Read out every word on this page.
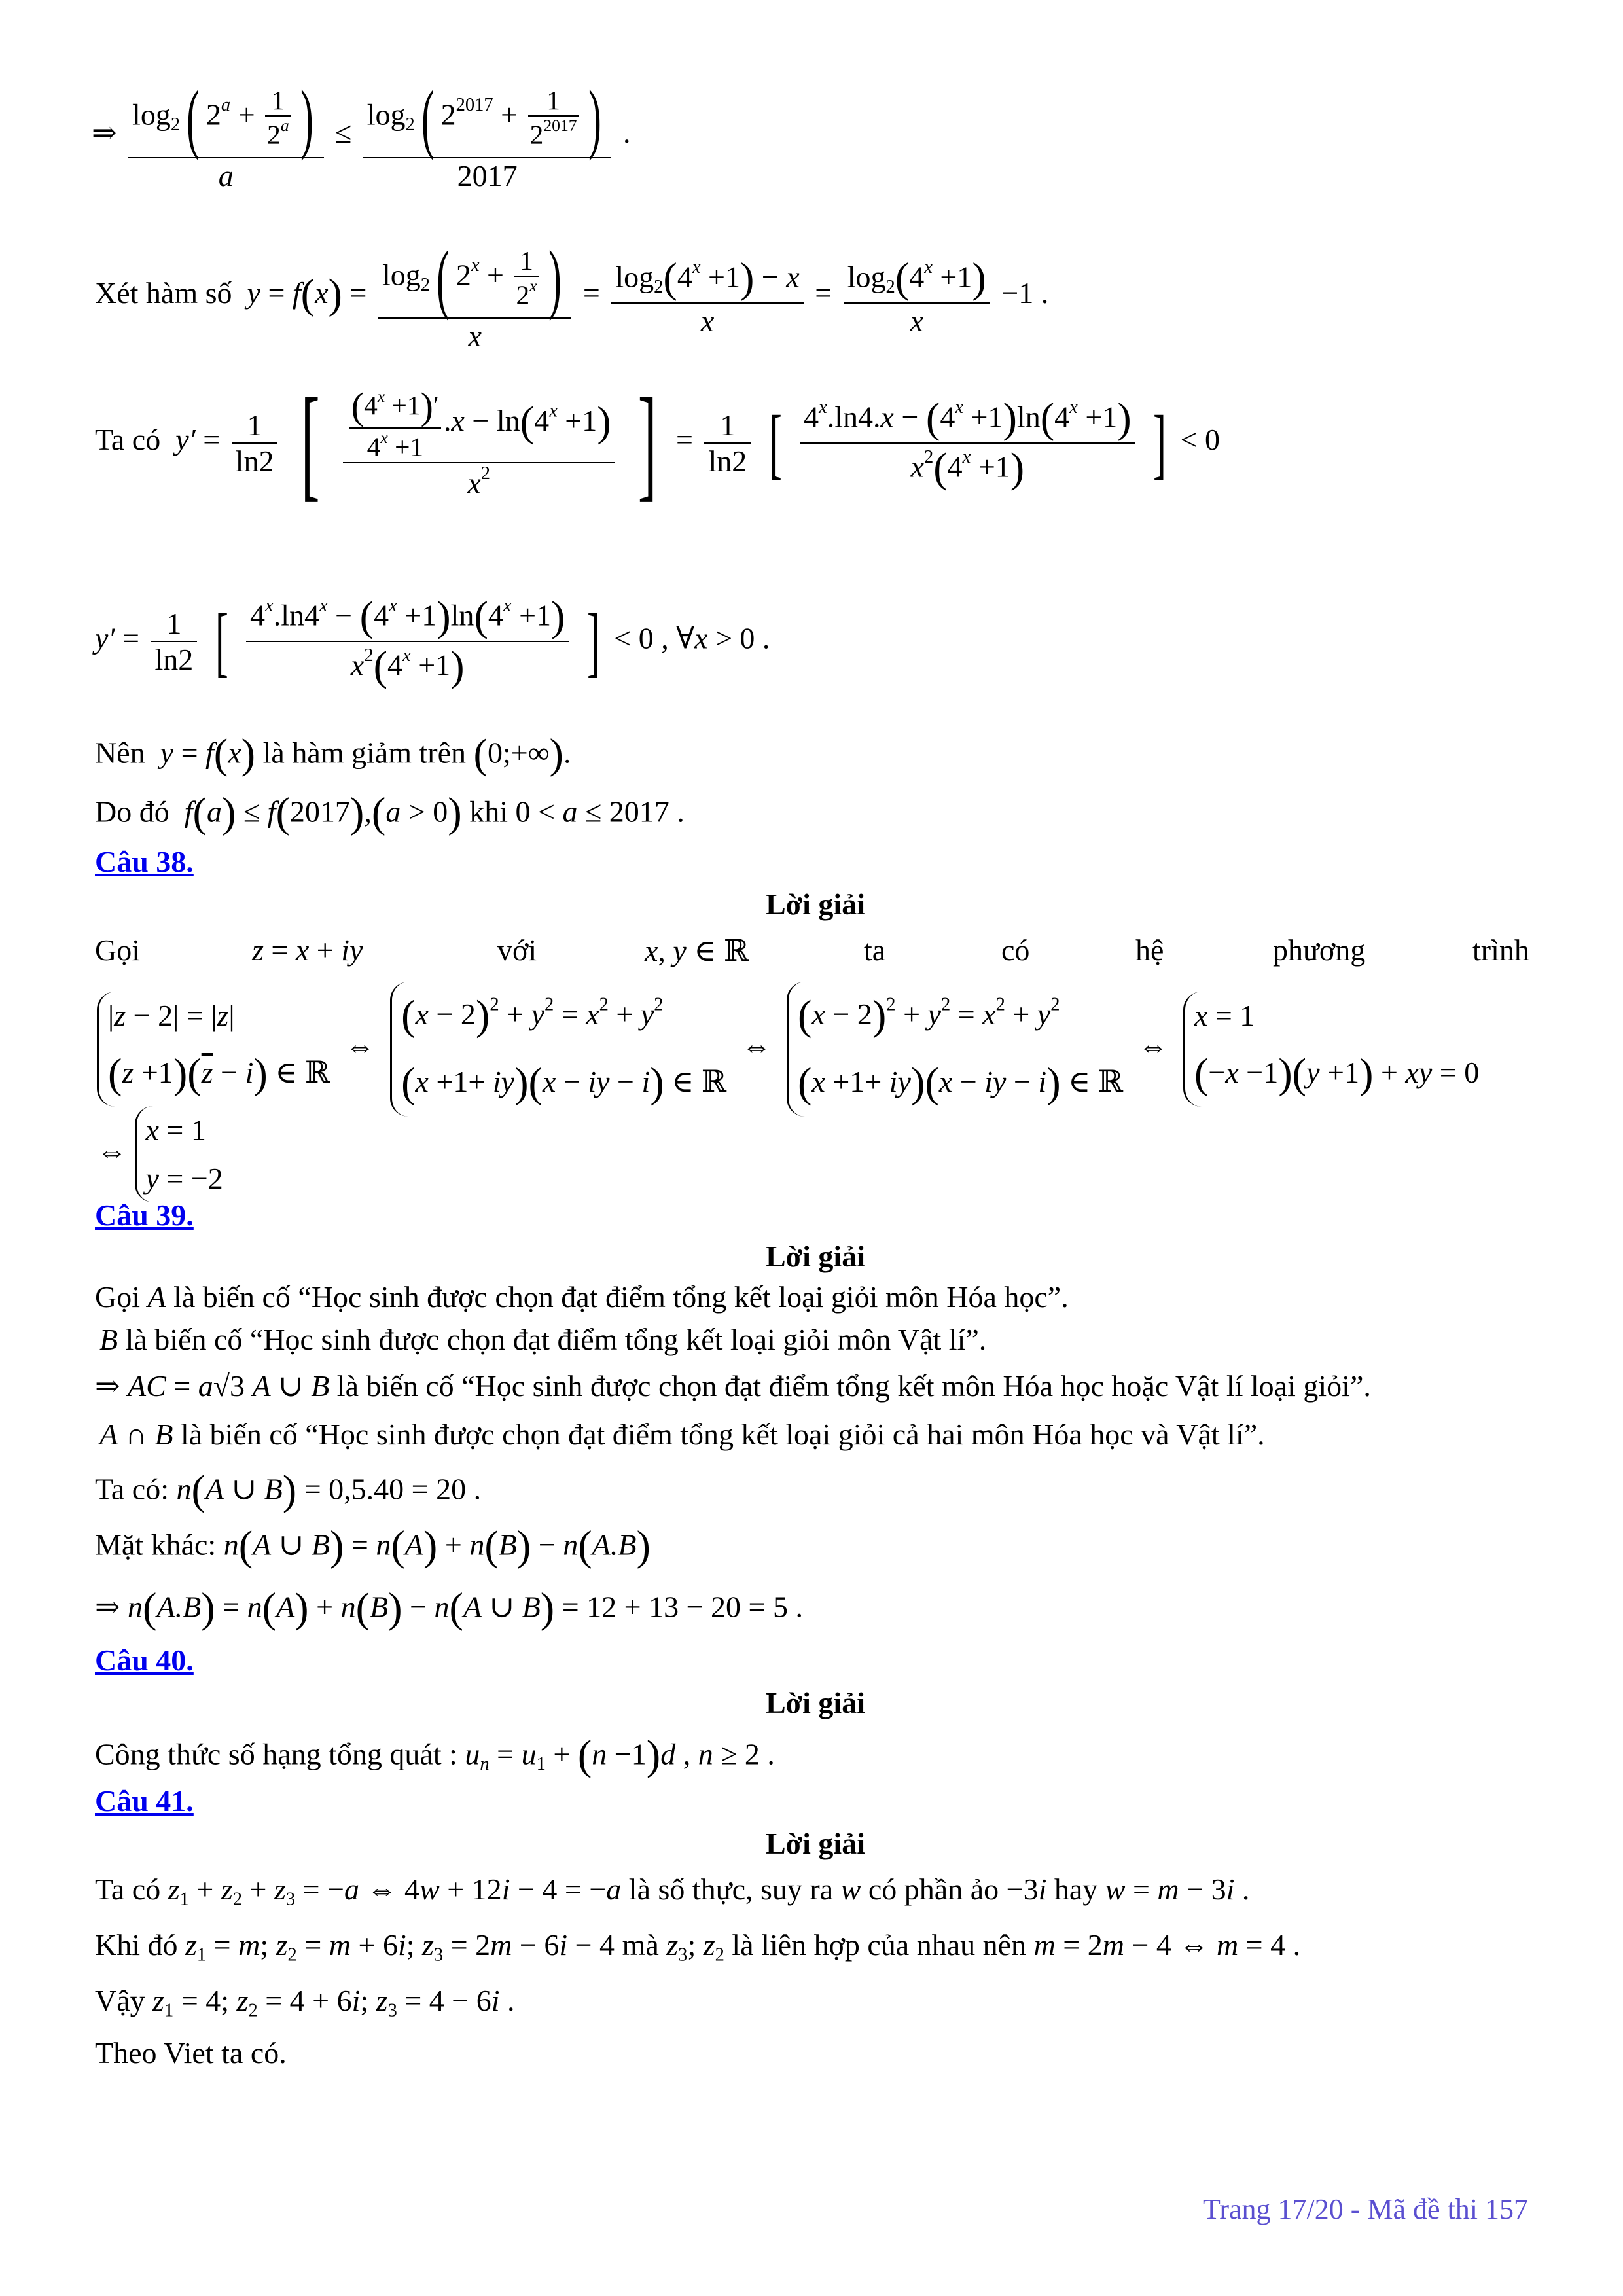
⇒ $\frac{\log_2( 2^a + \frac{1}{2^a} )}{a} \le \frac{\log_2( 2^{2017} + \frac{1}{2^{2017}} )}{2017}$ .
Xét hàm số  $y = f(x) = \frac{\log_2( 2^x + \frac{1}{2^x} )}{x} = \frac{\log_2(4^x +1) - x}{x} = \frac{\log_2(4^x +1)}{x} -1$ .
Ta có  $y' = \frac{1}{\ln 2}$ [ $\frac{\frac{(4^x +1)'}{4^x +1} .x - \ln(4^x +1)}{x^2}$ ] = $\frac{1}{\ln 2}$ [ $\frac{4^x.\ln 4.x - (4^x +1)\ln(4^x +1)}{x^2(4^x +1)}$ ] < 0
$y' = \frac{1}{\ln 2}$ [ $\frac{4^x.\ln 4^x - (4^x +1)\ln(4^x +1)}{x^2(4^x +1)}$ ] < 0 , ∀x > 0 .
Nên  y = f(x) là hàm giảm trên (0;+∞).
Do đó  f(a) ≤ f(2017),(a > 0) khi 0 < a ≤ 2017 .
Câu 38.
Lời giải
Gọi	z = x + iy	với	x, y ∈ ℝ	ta	có	hệ	phương	trình
|z − 2| = |z|
$(z +1)(\overline{z} - i)$ ∈ ℝ  ⇔  $(x - 2)^2 + y^2 = x^2 + y^2$
(x +1+ iy)(x − iy − i) ∈ ℝ  ⇔  $(x - 2)^2 + y^2 = x^2 + y^2$
(x +1+ iy)(x − iy − i) ∈ ℝ  ⇔  x = 1
(−x −1)(y +1) + xy = 0
⇔ x = 1
y = −2
Câu 39.
Lời giải
Gọi A là biến cố “Học sinh được chọn đạt điểm tổng kết loại giỏi môn Hóa học”.
B là biến cố “Học sinh được chọn đạt điểm tổng kết loại giỏi môn Vật lí”.
⇒ AC = a√3 A ∪ B là biến cố “Học sinh được chọn đạt điểm tổng kết môn Hóa học hoặc Vật lí loại giỏi”.
A ∩ B là biến cố “Học sinh được chọn đạt điểm tổng kết loại giỏi cả hai môn Hóa học và Vật lí”.
Ta có: n(A ∪ B) = 0,5.40 = 20 .
Mặt khác: n(A ∪ B) = n(A) + n(B) − n(A.B)
⇒ n(A.B) = n(A) + n(B) − n(A ∪ B) = 12 + 13 − 20 = 5 .
Câu 40.
Lời giải
Công thức số hạng tổng quát : $u_n = u_1 + (n -1)d$ , n ≥ 2 .
Câu 41.
Lời giải
Ta có $z_1 + z_2 + z_3 = -a$ ⇔ 4w + 12i − 4 = −a là số thực, suy ra w có phần ảo −3i hay w = m − 3i .
Khi đó $z_1 = m$; $z_2 = m + 6i$; $z_3 = 2m - 6i - 4$ mà $z_3$; $z_2$ là liên hợp của nhau nên m = 2m − 4 ⇔ m = 4 .
Vậy $z_1 = 4$; $z_2 = 4 + 6i$; $z_3 = 4 - 6i$ .
Theo Viet ta có.
Trang 17/20 - Mã đề thi 157
